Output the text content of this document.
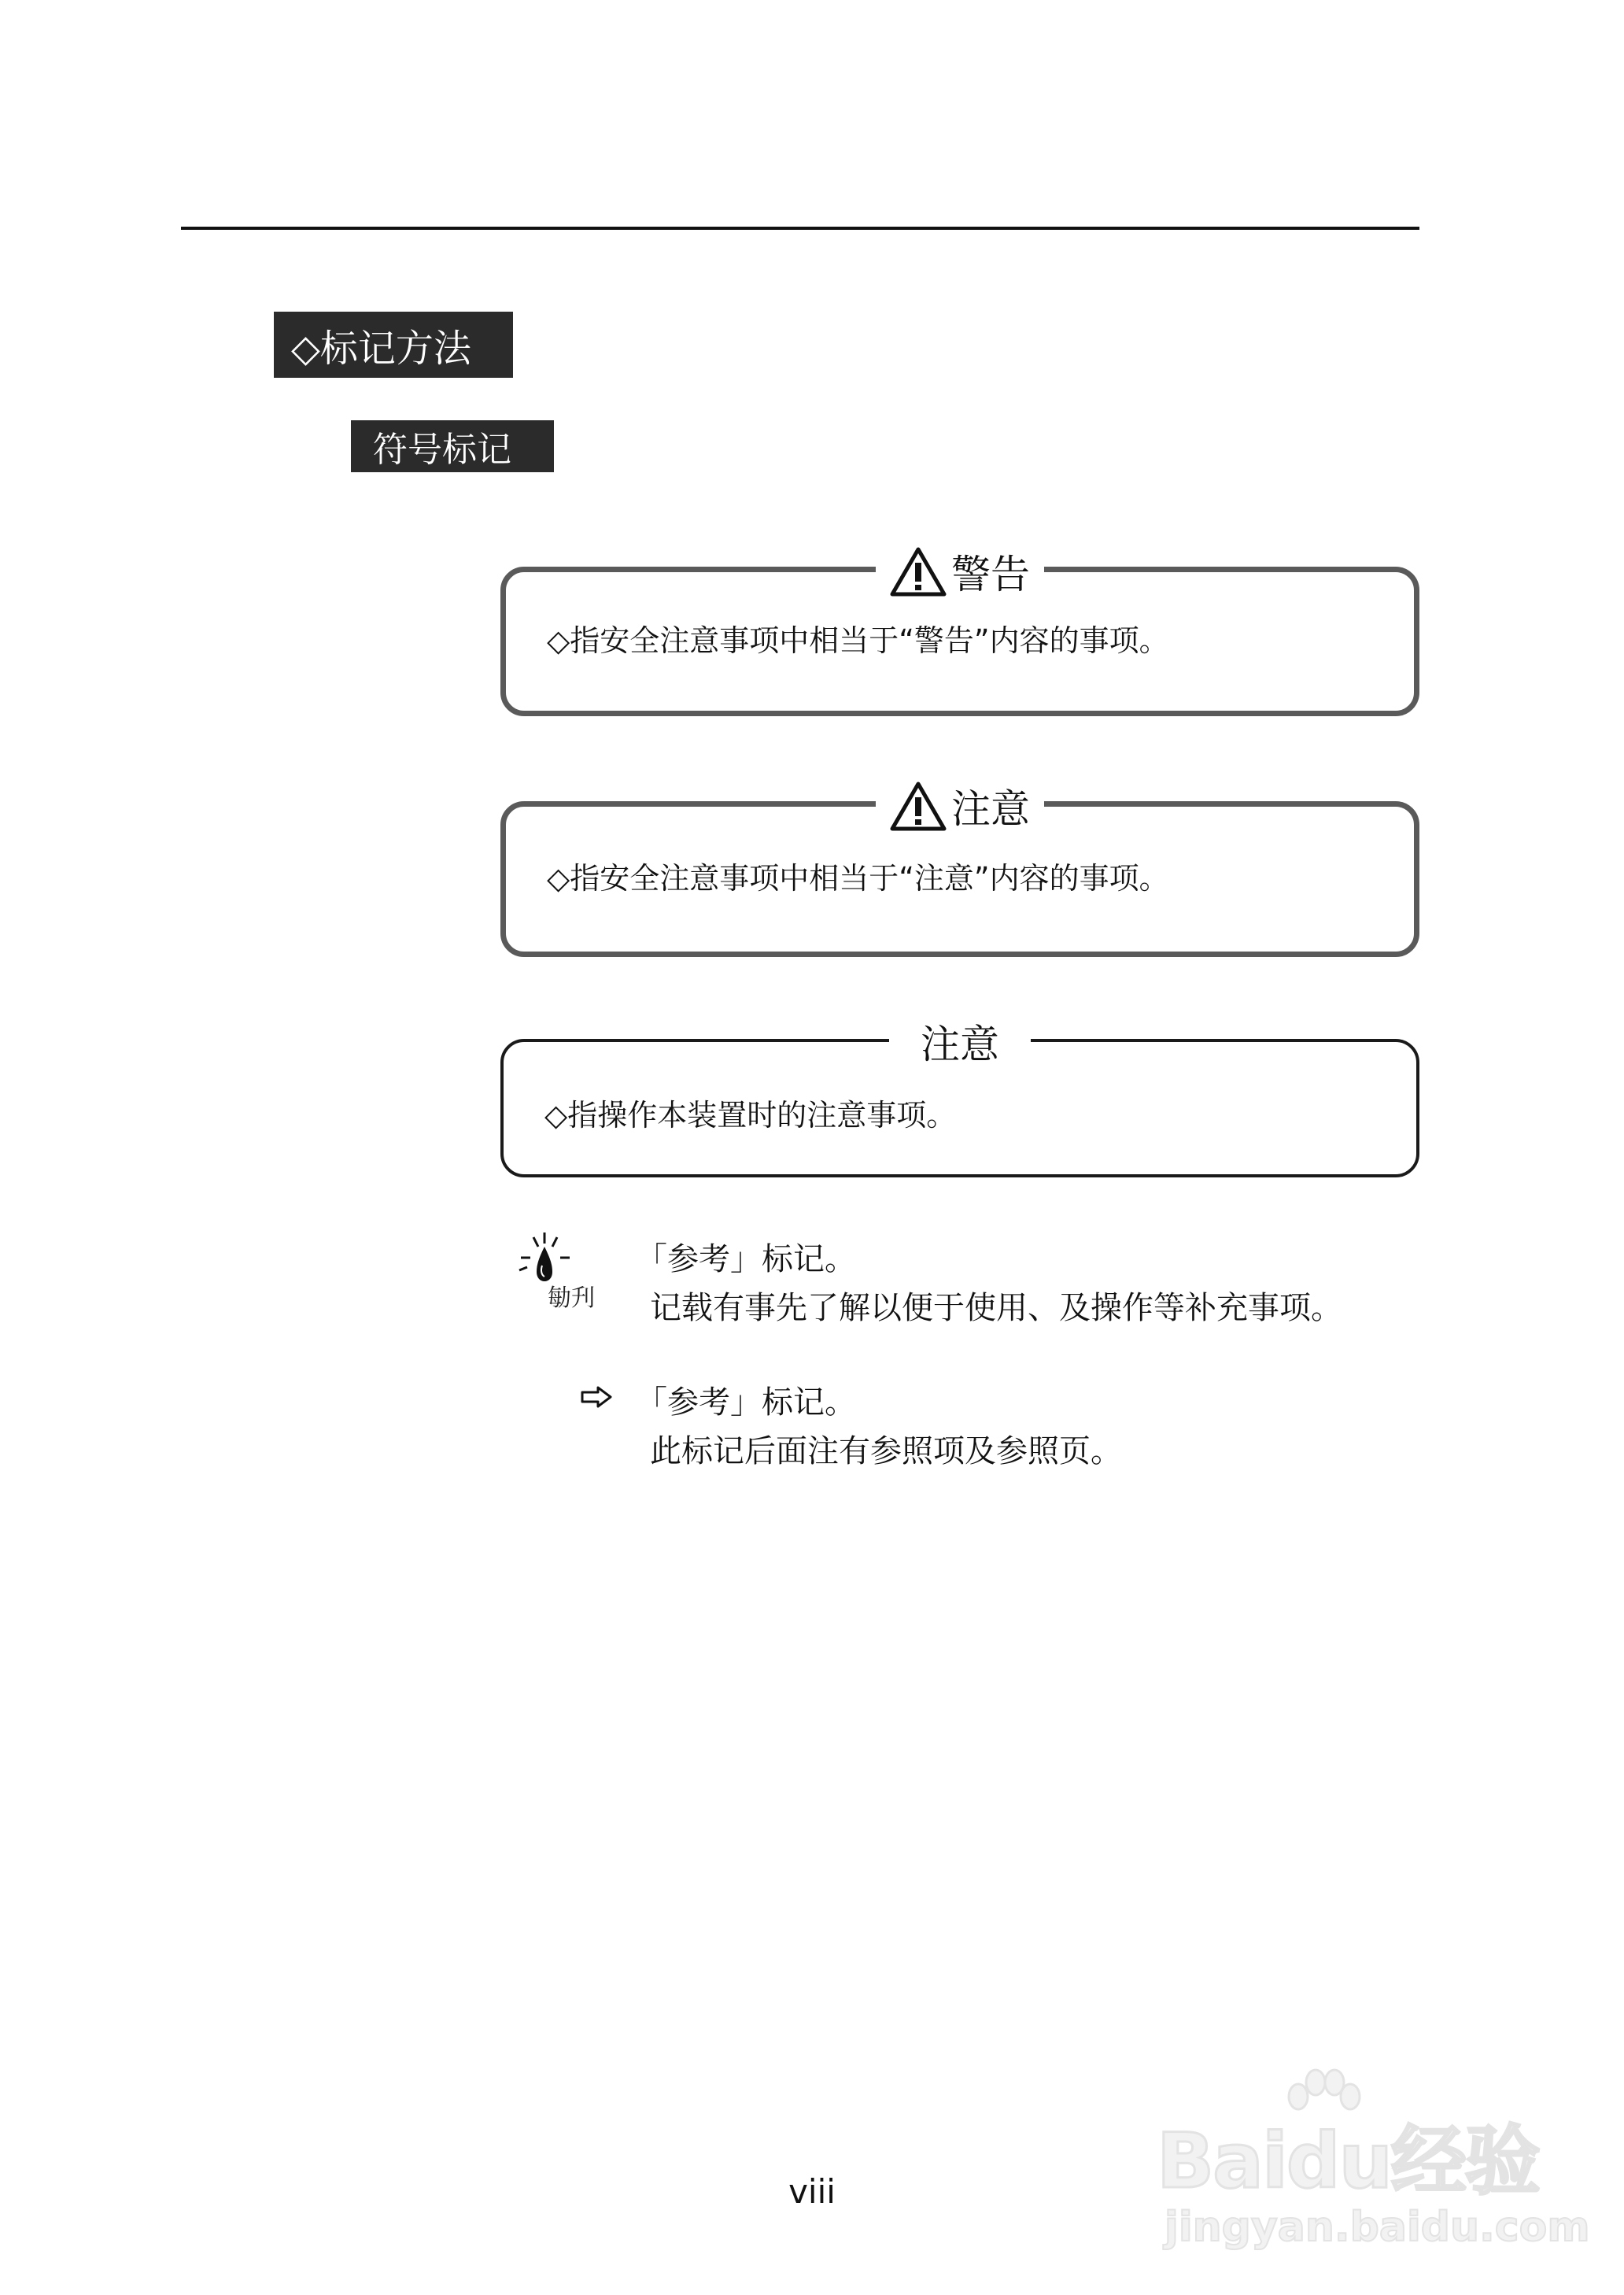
◇标记方法
符号标记
警告
◇指安全注意事项中相当于“警告”内容的事项。
注意
◇指安全注意事项中相当于“注意”内容的事项。
注意
◇指操作本装置时的注意事项。
勄刋
「参考」标记。
记载有事先了解以便于使用、及操作等补充事项。
「参考」标记。
此标记后面注有参照项及参照页。
viii	Baidu经验
jingyan.baidu.com
